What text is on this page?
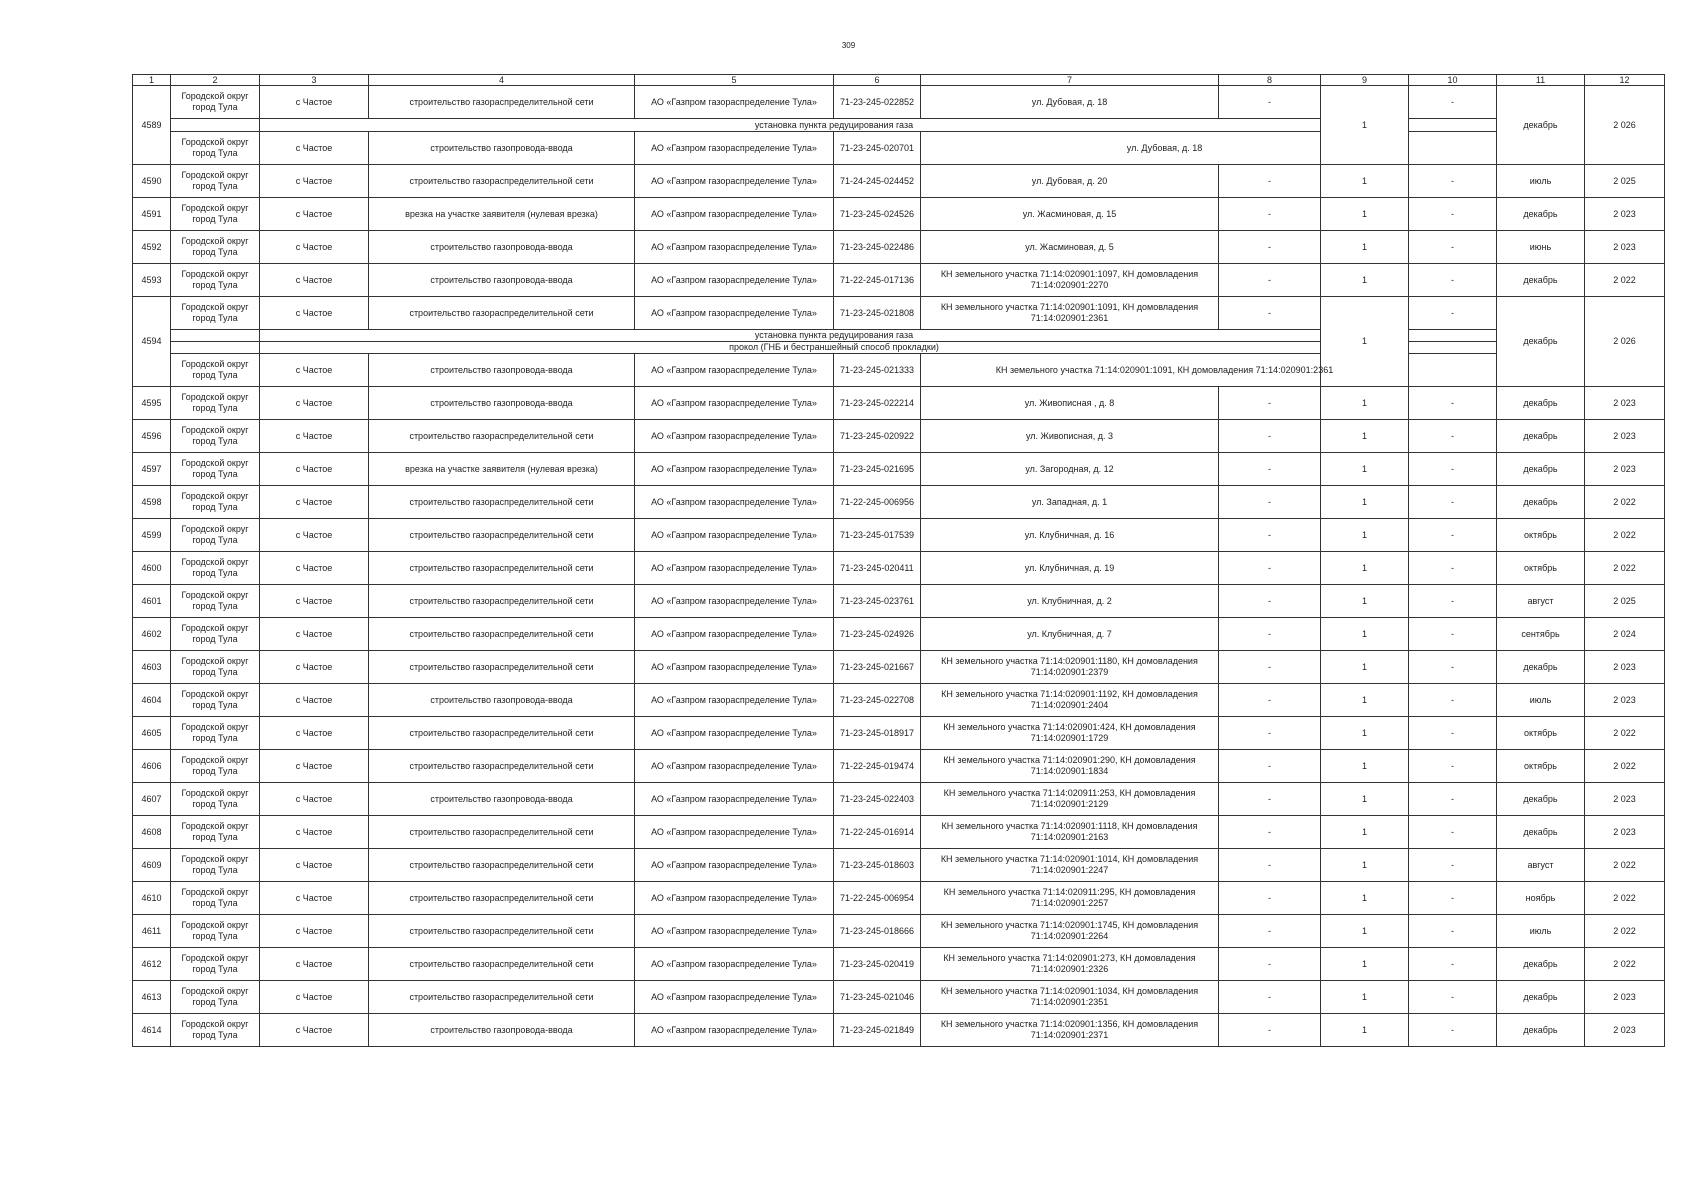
309
1	2	3	4	5	6	7	8	9	10	11	12
4589	Городской округ город Тула	с Частое	строительство газораспределительной сети	АО «Газпром газораспределение Тула»	71-23-245-022852	ул. Дубовая, д. 18	-	1	-	декабрь	2 026
		установка пункта редуцирования газа									
	Городской округ город Тула	с Частое	строительство газопровода-ввода	АО «Газпром газораспределение Тула»	71-23-245-020701	ул. Дубовая, д. 18					
4590	Городской округ город Тула	с Частое	строительство газораспределительной сети	АО «Газпром газораспределение Тула»	71-24-245-024452	ул. Дубовая, д. 20	-	1	-	июль	2 025
4591	Городской округ город Тула	с Частое	врезка на участке заявителя (нулевая врезка)	АО «Газпром газораспределение Тула»	71-23-245-024526	ул. Жасминовая, д. 15	-	1	-	декабрь	2 023
4592	Городской округ город Тула	с Частое	строительство газопровода-ввода	АО «Газпром газораспределение Тула»	71-23-245-022486	ул. Жасминовая, д. 5	-	1	-	июнь	2 023
4593	Городской округ город Тула	с Частое	строительство газопровода-ввода	АО «Газпром газораспределение Тула»	71-22-245-017136	КН земельного участка 71:14:020901:1097, КН домовладения 71:14:020901:2270	-	1	-	декабрь	2 022
4594	Городской округ город Тула	с Частое	строительство газораспределительной сети	АО «Газпром газораспределение Тула»	71-23-245-021808	КН земельного участка 71:14:020901:1091, КН домовладения 71:14:020901:2361	-	1	-	декабрь	2 026
		установка пункта редуцирования газа									
		прокол (ГНБ и бестраншейный способ прокладки)									
	Городской округ город Тула	с Частое	строительство газопровода-ввода	АО «Газпром газораспределение Тула»	71-23-245-021333	КН земельного участка 71:14:020901:1091, КН домовладения 71:14:020901:2361					
4595	Городской округ город Тула	с Частое	строительство газопровода-ввода	АО «Газпром газораспределение Тула»	71-23-245-022214	ул. Живописная , д. 8	-	1	-	декабрь	2 023
4596	Городской округ город Тула	с Частое	строительство газораспределительной сети	АО «Газпром газораспределение Тула»	71-23-245-020922	ул. Живописная, д. 3	-	1	-	декабрь	2 023
4597	Городской округ город Тула	с Частое	врезка на участке заявителя (нулевая врезка)	АО «Газпром газораспределение Тула»	71-23-245-021695	ул. Загородная, д. 12	-	1	-	декабрь	2 023
4598	Городской округ город Тула	с Частое	строительство газораспределительной сети	АО «Газпром газораспределение Тула»	71-22-245-006956	ул. Западная, д. 1	-	1	-	декабрь	2 022
4599	Городской округ город Тула	с Частое	строительство газораспределительной сети	АО «Газпром газораспределение Тула»	71-23-245-017539	ул. Клубничная, д. 16	-	1	-	октябрь	2 022
4600	Городской округ город Тула	с Частое	строительство газораспределительной сети	АО «Газпром газораспределение Тула»	71-23-245-020411	ул. Клубничная, д. 19	-	1	-	октябрь	2 022
4601	Городской округ город Тула	с Частое	строительство газораспределительной сети	АО «Газпром газораспределение Тула»	71-23-245-023761	ул. Клубничная, д. 2	-	1	-	август	2 025
4602	Городской округ город Тула	с Частое	строительство газораспределительной сети	АО «Газпром газораспределение Тула»	71-23-245-024926	ул. Клубничная, д. 7	-	1	-	сентябрь	2 024
4603	Городской округ город Тула	с Частое	строительство газораспределительной сети	АО «Газпром газораспределение Тула»	71-23-245-021667	КН земельного участка 71:14:020901:1180, КН домовладения 71:14:020901:2379	-	1	-	декабрь	2 023
4604	Городской округ город Тула	с Частое	строительство газопровода-ввода	АО «Газпром газораспределение Тула»	71-23-245-022708	КН земельного участка 71:14:020901:1192, КН домовладения 71:14:020901:2404	-	1	-	июль	2 023
4605	Городской округ город Тула	с Частое	строительство газораспределительной сети	АО «Газпром газораспределение Тула»	71-23-245-018917	КН земельного участка 71:14:020901:424, КН домовладения 71:14:020901:1729	-	1	-	октябрь	2 022
4606	Городской округ город Тула	с Частое	строительство газораспределительной сети	АО «Газпром газораспределение Тула»	71-22-245-019474	КН земельного участка 71:14:020901:290, КН домовладения 71:14:020901:1834	-	1	-	октябрь	2 022
4607	Городской округ город Тула	с Частое	строительство газопровода-ввода	АО «Газпром газораспределение Тула»	71-23-245-022403	КН земельного участка 71:14:020911:253, КН домовладения 71:14:020901:2129	-	1	-	декабрь	2 023
4608	Городской округ город Тула	с Частое	строительство газораспределительной сети	АО «Газпром газораспределение Тула»	71-22-245-016914	КН земельного участка 71:14:020901:1118, КН домовладения 71:14:020901:2163	-	1	-	декабрь	2 023
4609	Городской округ город Тула	с Частое	строительство газораспределительной сети	АО «Газпром газораспределение Тула»	71-23-245-018603	КН земельного участка 71:14:020901:1014, КН домовладения 71:14:020901:2247	-	1	-	август	2 022
4610	Городской округ город Тула	с Частое	строительство газораспределительной сети	АО «Газпром газораспределение Тула»	71-22-245-006954	КН земельного участка 71:14:020911:295, КН домовладения 71:14:020901:2257	-	1	-	ноябрь	2 022
4611	Городской округ город Тула	с Частое	строительство газораспределительной сети	АО «Газпром газораспределение Тула»	71-23-245-018666	КН земельного участка 71:14:020901:1745, КН домовладения 71:14:020901:2264	-	1	-	июль	2 022
4612	Городской округ город Тула	с Частое	строительство газораспределительной сети	АО «Газпром газораспределение Тула»	71-23-245-020419	КН земельного участка 71:14:020901:273, КН домовладения 71:14:020901:2326	-	1	-	декабрь	2 022
4613	Городской округ город Тула	с Частое	строительство газораспределительной сети	АО «Газпром газораспределение Тула»	71-23-245-021046	КН земельного участка 71:14:020901:1034, КН домовладения 71:14:020901:2351	-	1	-	декабрь	2 023
4614	Городской округ город Тула	с Частое	строительство газопровода-ввода	АО «Газпром газораспределение Тула»	71-23-245-021849	КН земельного участка 71:14:020901:1356, КН домовладения 71:14:020901:2371	-	1	-	декабрь	2 023
